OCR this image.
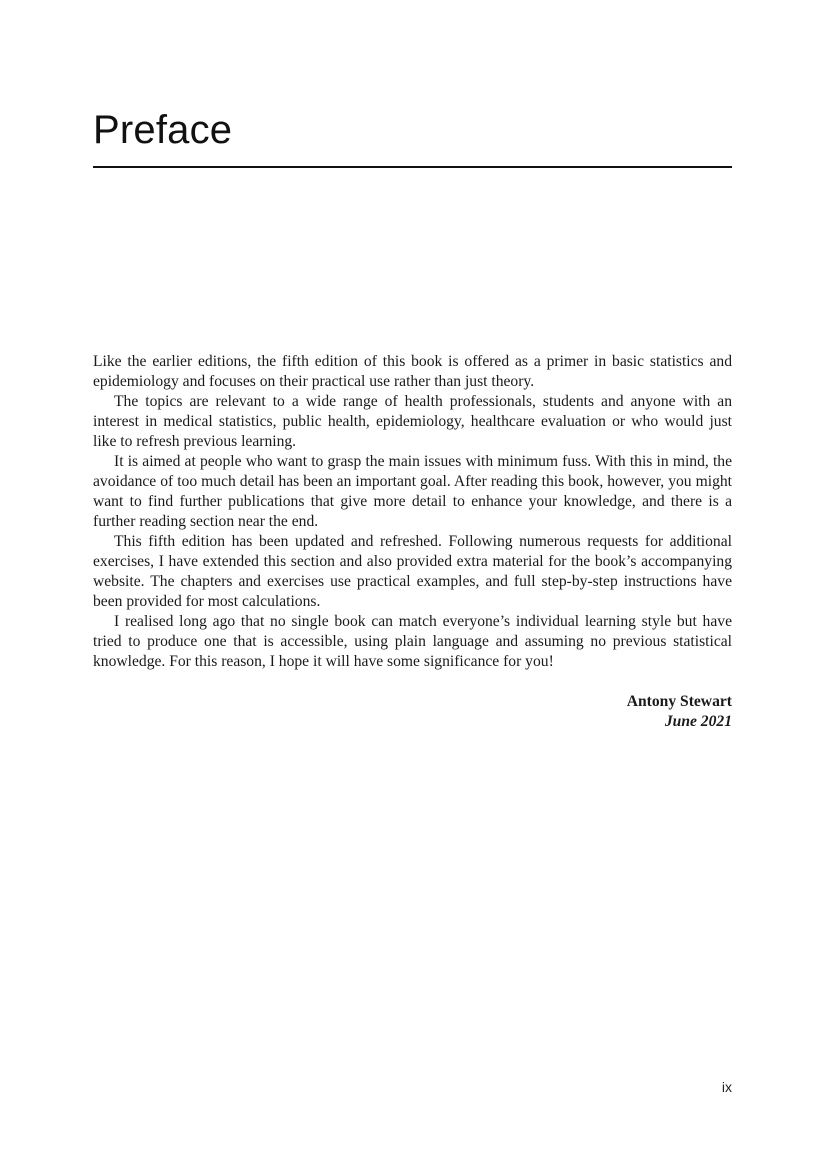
Preface

Like the earlier editions, the fifth edition of this book is offered as a primer in basic statistics and epidemiology and focuses on their practical use rather than just theory.

The topics are relevant to a wide range of health professionals, students and anyone with an interest in medical statistics, public health, epidemiology, healthcare evaluation or who would just like to refresh previous learning.

It is aimed at people who want to grasp the main issues with minimum fuss. With this in mind, the avoidance of too much detail has been an important goal. After reading this book, however, you might want to find further publications that give more detail to enhance your knowledge, and there is a further reading section near the end.

This fifth edition has been updated and refreshed. Following numerous requests for additional exercises, I have extended this section and also provided extra material for the book’s accompanying website. The chapters and exercises use practical examples, and full step-by-step instructions have been provided for most calculations.

I realised long ago that no single book can match everyone’s individual learning style but have tried to produce one that is accessible, using plain language and assuming no previous statistical knowledge. For this reason, I hope it will have some significance for you!

Antony Stewart
June 2021
ix
